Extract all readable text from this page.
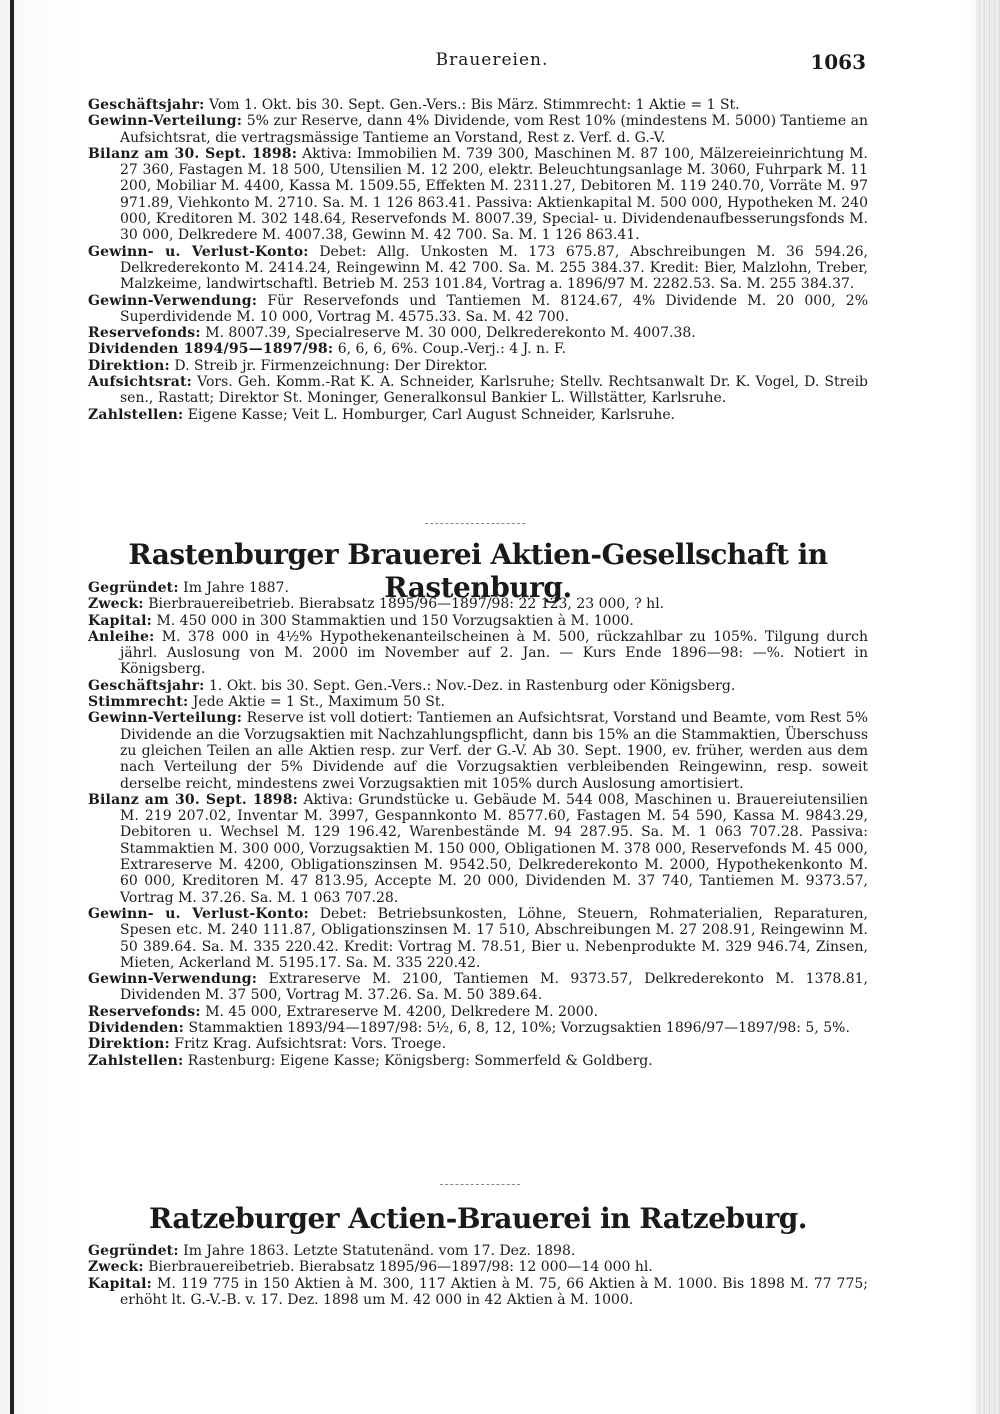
Brauereien.	1063
Geschäftsjahr: Vom 1. Okt. bis 30. Sept. Gen.-Vers.: Bis März. Stimmrecht: 1 Aktie = 1 St.
Gewinn-Verteilung: 5% zur Reserve, dann 4% Dividende, vom Rest 10% (mindestens M. 5000) Tantieme an Aufsichtsrat, die vertragsmässige Tantieme an Vorstand, Rest z. Verf. d. G.-V.
Bilanz am 30. Sept. 1898: Aktiva: Immobilien M. 739 300, Maschinen M. 87 100, Mälzereieinrichtung M. 27 360, Fastagen M. 18 500, Utensilien M. 12 200, elektr. Beleuchtungsanlage M. 3060, Fuhrpark M. 11 200, Mobiliar M. 4400, Kassa M. 1509.55, Effekten M. 2311.27, Debitoren M. 119 240.70, Vorräte M. 97 971.89, Viehkonto M. 2710. Sa. M. 1 126 863.41. Passiva: Aktienkapital M. 500 000, Hypotheken M. 240 000, Kreditoren M. 302 148.64, Reservefonds M. 8007.39, Special- u. Dividendenaufbesserungsfonds M. 30 000, Delkredere M. 4007.38, Gewinn M. 42 700. Sa. M. 1 126 863.41.
Gewinn- u. Verlust-Konto: Debet: Allg. Unkosten M. 173 675.87, Abschreibungen M. 36 594.26, Delkrederekonto M. 2414.24, Reingewinn M. 42 700. Sa. M. 255 384.37. Kredit: Bier, Malzlohn, Treber, Malzkeime, landwirtschaftl. Betrieb M. 253 101.84, Vortrag a. 1896/97 M. 2282.53. Sa. M. 255 384.37.
Gewinn-Verwendung: Für Reservefonds und Tantiemen M. 8124.67, 4% Dividende M. 20 000, 2% Superdividende M. 10 000, Vortrag M. 4575.33. Sa. M. 42 700.
Reservefonds: M. 8007.39, Specialreserve M. 30 000, Delkrederekonto M. 4007.38.
Dividenden 1894/95—1897/98: 6, 6, 6, 6%. Coup.-Verj.: 4 J. n. F.
Direktion: D. Streib jr. Firmenzeichnung: Der Direktor.
Aufsichtsrat: Vors. Geh. Komm.-Rat K. A. Schneider, Karlsruhe; Stellv. Rechtsanwalt Dr. K. Vogel, D. Streib sen., Rastatt; Direktor St. Moninger, Generalkonsul Bankier L. Willstätter, Karlsruhe.
Zahlstellen: Eigene Kasse; Veit L. Homburger, Carl August Schneider, Karlsruhe.
Rastenburger Brauerei Aktien-Gesellschaft in Rastenburg.
Gegründet: Im Jahre 1887.
Zweck: Bierbrauereibetrieb. Bierabsatz 1895/96—1897/98: 22 123, 23 000, ? hl.
Kapital: M. 450 000 in 300 Stammaktien und 150 Vorzugsaktien à M. 1000.
Anleihe: M. 378 000 in 4½% Hypothekenanteilscheinen à M. 500, rückzahlbar zu 105%. Tilgung durch jährl. Auslosung von M. 2000 im November auf 2. Jan. — Kurs Ende 1896—98: —%. Notiert in Königsberg.
Geschäftsjahr: 1. Okt. bis 30. Sept. Gen.-Vers.: Nov.-Dez. in Rastenburg oder Königsberg.
Stimmrecht: Jede Aktie = 1 St., Maximum 50 St.
Gewinn-Verteilung: Reserve ist voll dotiert: Tantiemen an Aufsichtsrat, Vorstand und Beamte, vom Rest 5% Dividende an die Vorzugsaktien mit Nachzahlungspflicht, dann bis 15% an die Stammaktien, Überschuss zu gleichen Teilen an alle Aktien resp. zur Verf. der G.-V. Ab 30. Sept. 1900, ev. früher, werden aus dem nach Verteilung der 5% Dividende auf die Vorzugsaktien verbleibenden Reingewinn, resp. soweit derselbe reicht, mindestens zwei Vorzugsaktien mit 105% durch Auslosung amortisiert.
Bilanz am 30. Sept. 1898: Aktiva: Grundstücke u. Gebäude M. 544 008, Maschinen u. Brauereiutensilien M. 219 207.02, Inventar M. 3997, Gespannkonto M. 8577.60, Fastagen M. 54 590, Kassa M. 9843.29, Debitoren u. Wechsel M. 129 196.42, Warenbestände M. 94 287.95. Sa. M. 1 063 707.28. Passiva: Stammaktien M. 300 000, Vorzugsaktien M. 150 000, Obligationen M. 378 000, Reservefonds M. 45 000, Extrareserve M. 4200, Obligationszinsen M. 9542.50, Delkrederekonto M. 2000, Hypothekenkonto M. 60 000, Kreditoren M. 47 813.95, Accepte M. 20 000, Dividenden M. 37 740, Tantiemen M. 9373.57, Vortrag M. 37.26. Sa. M. 1 063 707.28.
Gewinn- u. Verlust-Konto: Debet: Betriebsunkosten, Löhne, Steuern, Rohmaterialien, Reparaturen, Spesen etc. M. 240 111.87, Obligationszinsen M. 17 510, Abschreibungen M. 27 208.91, Reingewinn M. 50 389.64. Sa. M. 335 220.42. Kredit: Vortrag M. 78.51, Bier u. Nebenprodukte M. 329 946.74, Zinsen, Mieten, Ackerland M. 5195.17. Sa. M. 335 220.42.
Gewinn-Verwendung: Extrareserve M. 2100, Tantiemen M. 9373.57, Delkrederekonto M. 1378.81, Dividenden M. 37 500, Vortrag M. 37.26. Sa. M. 50 389.64.
Reservefonds: M. 45 000, Extrareserve M. 4200, Delkredere M. 2000.
Dividenden: Stammaktien 1893/94—1897/98: 5½, 6, 8, 12, 10%; Vorzugsaktien 1896/97—1897/98: 5, 5%.
Direktion: Fritz Krag. Aufsichtsrat: Vors. Troege.
Zahlstellen: Rastenburg: Eigene Kasse; Königsberg: Sommerfeld & Goldberg.
Ratzeburger Actien-Brauerei in Ratzeburg.
Gegründet: Im Jahre 1863. Letzte Statutenänd. vom 17. Dez. 1898.
Zweck: Bierbrauereibetrieb. Bierabsatz 1895/96—1897/98: 12 000—14 000 hl.
Kapital: M. 119 775 in 150 Aktien à M. 300, 117 Aktien à M. 75, 66 Aktien à M. 1000. Bis 1898 M. 77 775; erhöht lt. G.-V.-B. v. 17. Dez. 1898 um M. 42 000 in 42 Aktien à M. 1000.
